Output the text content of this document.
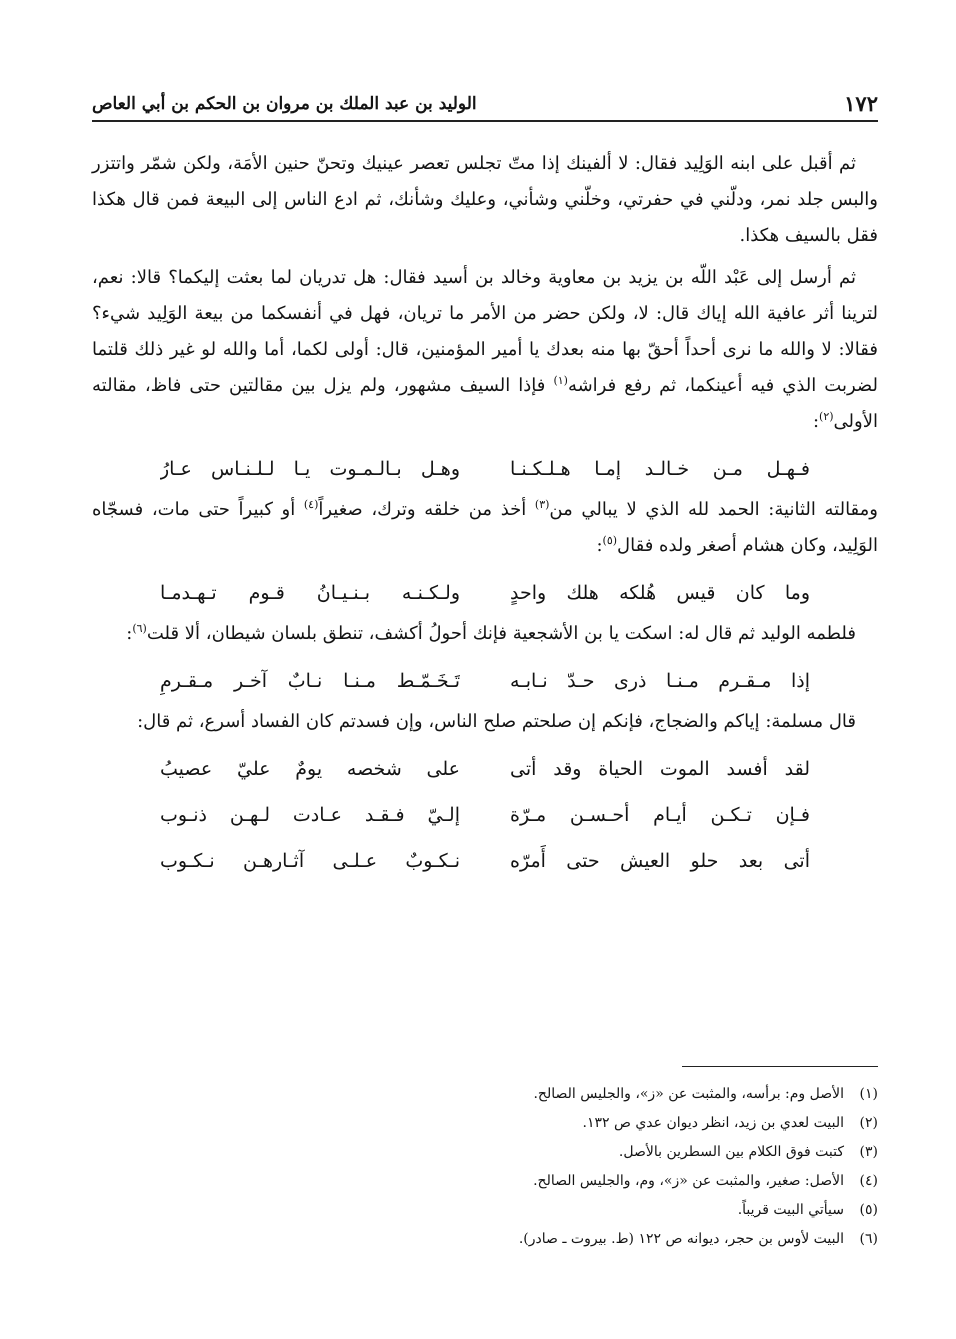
١٧٢
الوليد بن عبد الملك بن مروان بن الحكم بن أبي العاص

ثم أقبل على ابنه الوَلِيد فقال: لا ألفينك إذا متّ تجلس تعصر عينيك وتحنّ حنين الأمَة، ولكن شمّر واتتزر والبس جلد نمر، ودلّني في حفرتي، وخلّني وشأني، وعليك وشأنك، ثم ادع الناس إلى البيعة فمن قال هكذا فقل بالسيف هكذا.

ثم أرسل إلى عَبْد اللّه بن يزيد بن معاوية وخالد بن أسيد فقال: هل تدريان لما بعثت إليكما؟ قالا: نعم، لترينا أثر عافية الله إياك قال: لا، ولكن حضر من الأمر ما تريان، فهل في أنفسكما من بيعة الوَلِيد شيء؟ فقالا: لا والله ما نرى أحداً أحقّ بها منه بعدك يا أمير المؤمنين، قال: أولى لكما، أما والله لو غير ذلك قلتما لضربت الذي فيه أعينكما، ثم رفع فراشه$^{(١)}$ فإذا السيف مشهور، ولم يزل بين مقالتين حتى فاظ، مقالته الأولى$^{(٢)}$:

فـهـل مـن خـالـد إمـا هـلـكـنـا
وهـل بـالـمـوت يـا لـلـنـاس عـارُ

ومقالته الثانية: الحمد لله الذي لا يبالي من$^{(٣)}$ أخذ من خلقه وترك، صغيراً$^{(٤)}$ أو كبيراً حتى مات، فسجّاه الوَلِيد، وكان هشام أصغر ولده فقال$^{(٥)}$:

وما كان قيس هُلكه هلك واحدٍ
ولـكـنـه بـنـيـانُ قـوم تـهـدمـا

فلطمه الوليد ثم قال له: اسكت يا بن الأشجعية فإنك أحولُ أكشف، تنطق بلسان شيطان، ألا قلت$^{(٦)}$:

إذا مـقـرم مـنـا ذرى حـدّ نـابـه
تَـخَـمّـط مـنـا نـابٌ آخـر مـقـرمِ

قال مسلمة: إياكم والضجاج، فإنكم إن صلحتم صلح الناس، وإن فسدتم كان الفساد أسرع، ثم قال:

لقد أفسد الموت الحياة وقد أتى
على شخصه يومٌ عليّ عصيبُ
فـإن تـكـن أيـام أحـسـن مـرّة
إلـيّ فـقـد عـادت لـهـن ذنـوب
أتى بعد حلو العيش حتى أَمرّه
نـكـوبٌ عـلـى آثـارهـن نـكـوب
(١)
الأصل وم: برأسه، والمثبت عن «ز»، والجليس الصالح.
(٢)
البيت لعدي بن زيد، انظر ديوان عدي ص ١٣٢.
(٣)
كتبت فوق الكلام بين السطرين بالأصل.
(٤)
الأصل: صغير، والمثبت عن «ز»، وم، والجليس الصالح.
(٥)
سيأتي البيت قريباً.
(٦)
البيت لأوس بن حجر، ديوانه ص ١٢٢ (ط. بيروت ـ صادر).
